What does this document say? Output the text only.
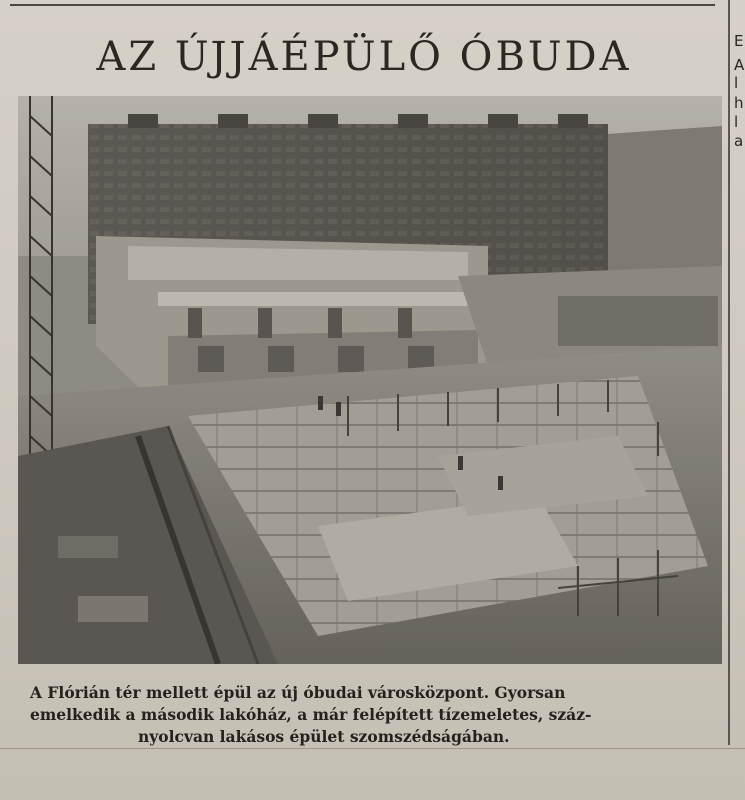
E
A
l
h
l
a
AZ ÚJJÁÉPÜLŐ ÓBUDA

A Flórián tér mellett épül az új óbudai városközpont. Gyorsan
emelkedik a második lakóház, a már felépített tízemeletes, száz-
nyolcvan lakásos épület szomszédságában.
